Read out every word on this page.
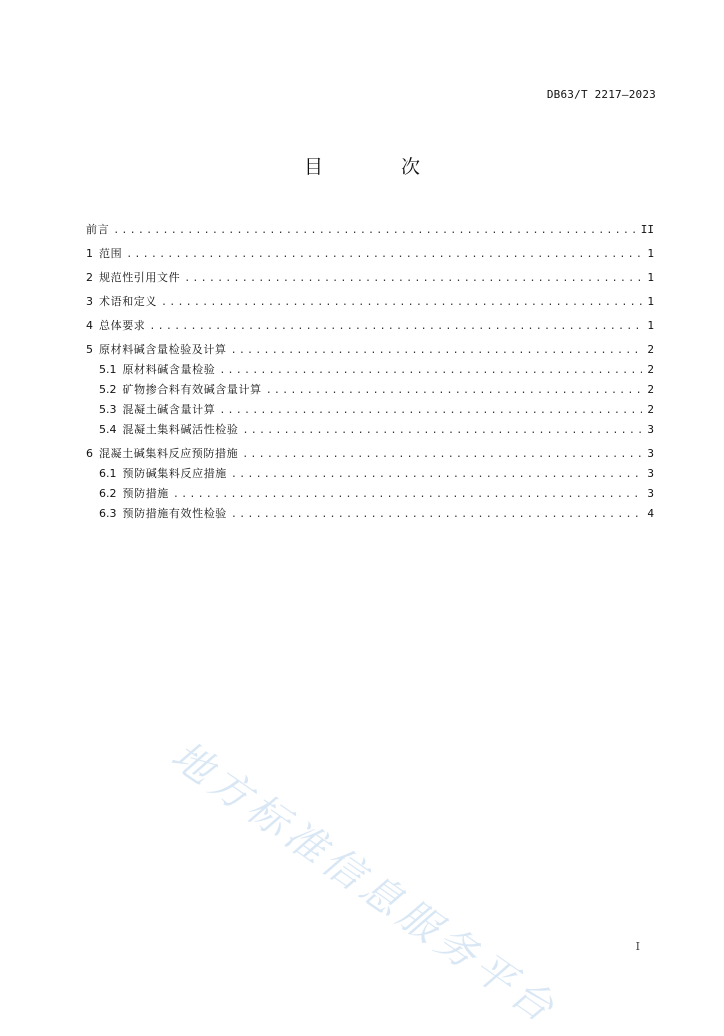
DB63/T 2217—2023
目 次
前言 .....	II
1 范围 .....	1
2 规范性引用文件 .....	1
3 术语和定义 .....	1
4 总体要求 .....	1
5 原材料碱含量检验及计算 .....	2
5.1 原材料碱含量检验 .....	2
5.2 矿物掺合料有效碱含量计算 .....	2
5.3 混凝土碱含量计算 .....	2
5.4 混凝土集料碱活性检验 .....	3
6 混凝土碱集料反应预防措施 .....	3
6.1 预防碱集料反应措施 .....	3
6.2 预防措施 .....	3
6.3 预防措施有效性检验 .....	4
地方标准信息服务平台	I
